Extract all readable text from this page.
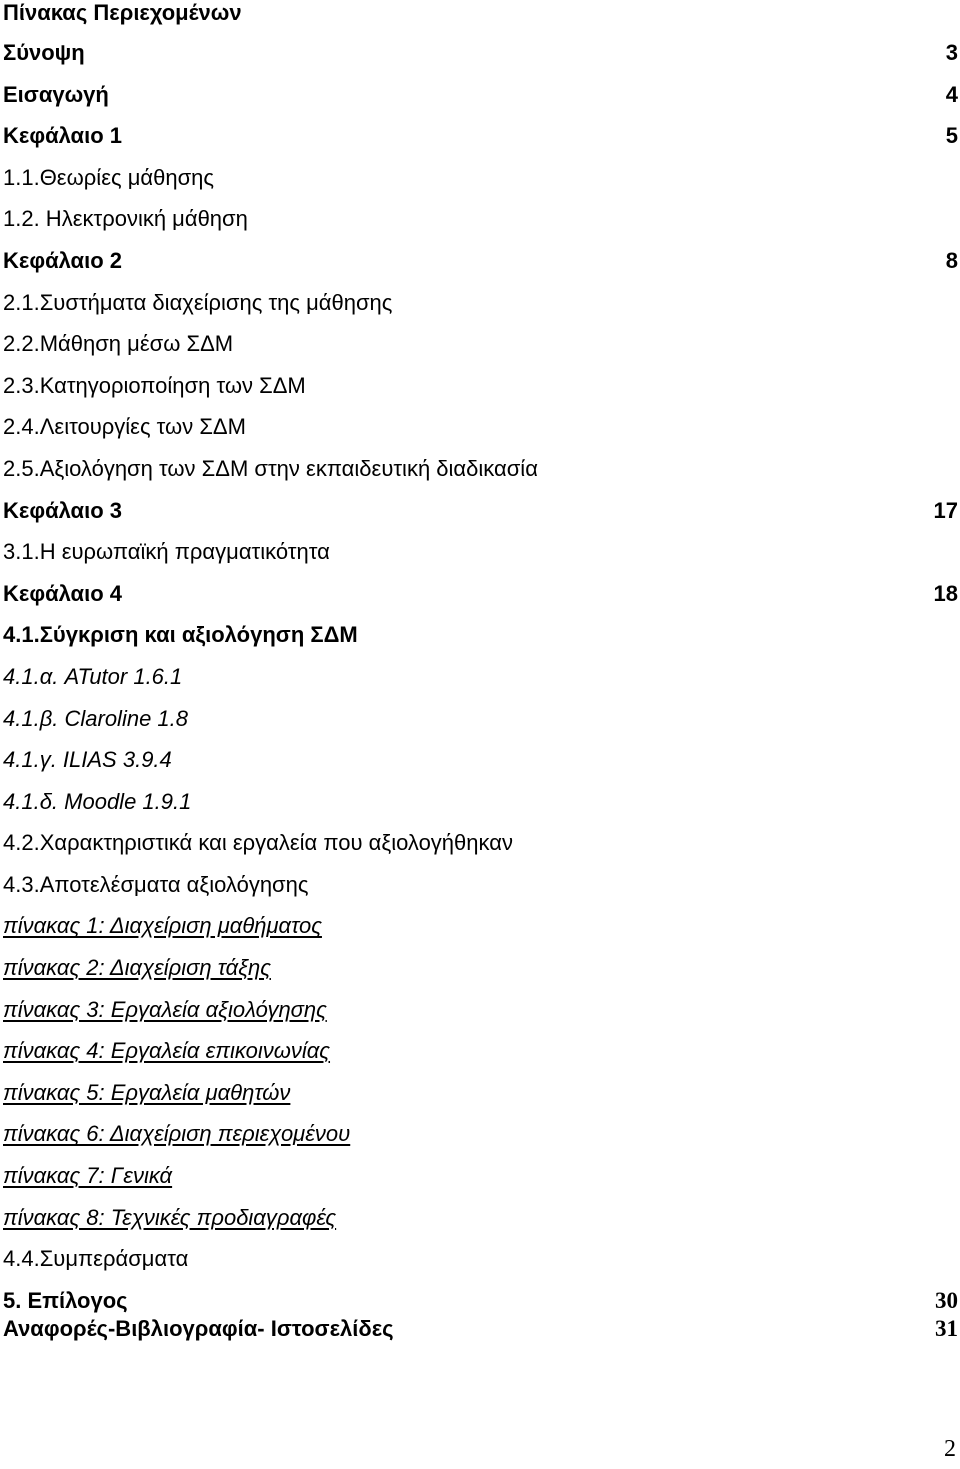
Πίνακας Περιεχομένων
Σύνοψη	3
Εισαγωγή	4
Κεφάλαιο 1	5
1.1.Θεωρίες μάθησης
1.2. Ηλεκτρονική μάθηση
Κεφάλαιο 2	8
2.1.Συστήματα διαχείρισης της μάθησης
2.2.Μάθηση μέσω ΣΔΜ
2.3.Κατηγοριοποίηση των ΣΔΜ
2.4.Λειτουργίες των ΣΔΜ
2.5.Αξιολόγηση των ΣΔΜ στην εκπαιδευτική διαδικασία
Κεφάλαιο 3	17
3.1.Η ευρωπαϊκή πραγματικότητα
Κεφάλαιο 4	18
4.1.Σύγκριση και αξιολόγηση ΣΔΜ
4.1.α. ATutor 1.6.1
4.1.β. Claroline 1.8
4.1.γ. ILIAS 3.9.4
4.1.δ. Moodle 1.9.1
4.2.Χαρακτηριστικά και εργαλεία που αξιολογήθηκαν
4.3.Αποτελέσματα αξιολόγησης
πίνακας 1: Διαχείριση μαθήματος
πίνακας 2: Διαχείριση τάξης
πίνακας 3: Εργαλεία αξιολόγησης
πίνακας 4: Εργαλεία επικοινωνίας
πίνακας 5: Εργαλεία μαθητών
πίνακας 6: Διαχείριση περιεχομένου
πίνακας 7: Γενικά
πίνακας 8: Τεχνικές προδιαγραφές
4.4.Συμπεράσματα
5. Επίλογος	30
Αναφορές-Βιβλιογραφία- Ιστοσελίδες	31
2
